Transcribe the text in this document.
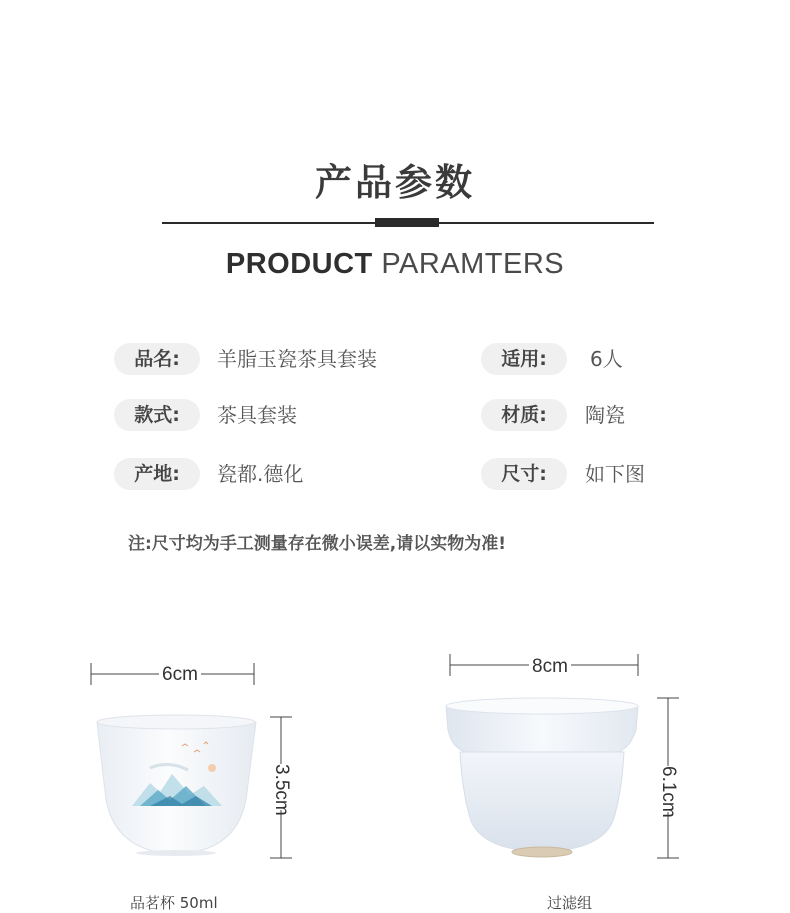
产品参数
PRODUCT PARAMTERS
品名:	羊脂玉瓷茶具套装	适用:	6人
款式:	茶具套装	材质:	陶瓷
产地:	瓷都.德化	尺寸:	如下图
注:尺寸均为手工测量存在微小误差,请以实物为准!
6cm
3.5cm
8cm
6.1cm
品茗杯 50ml	过滤组
